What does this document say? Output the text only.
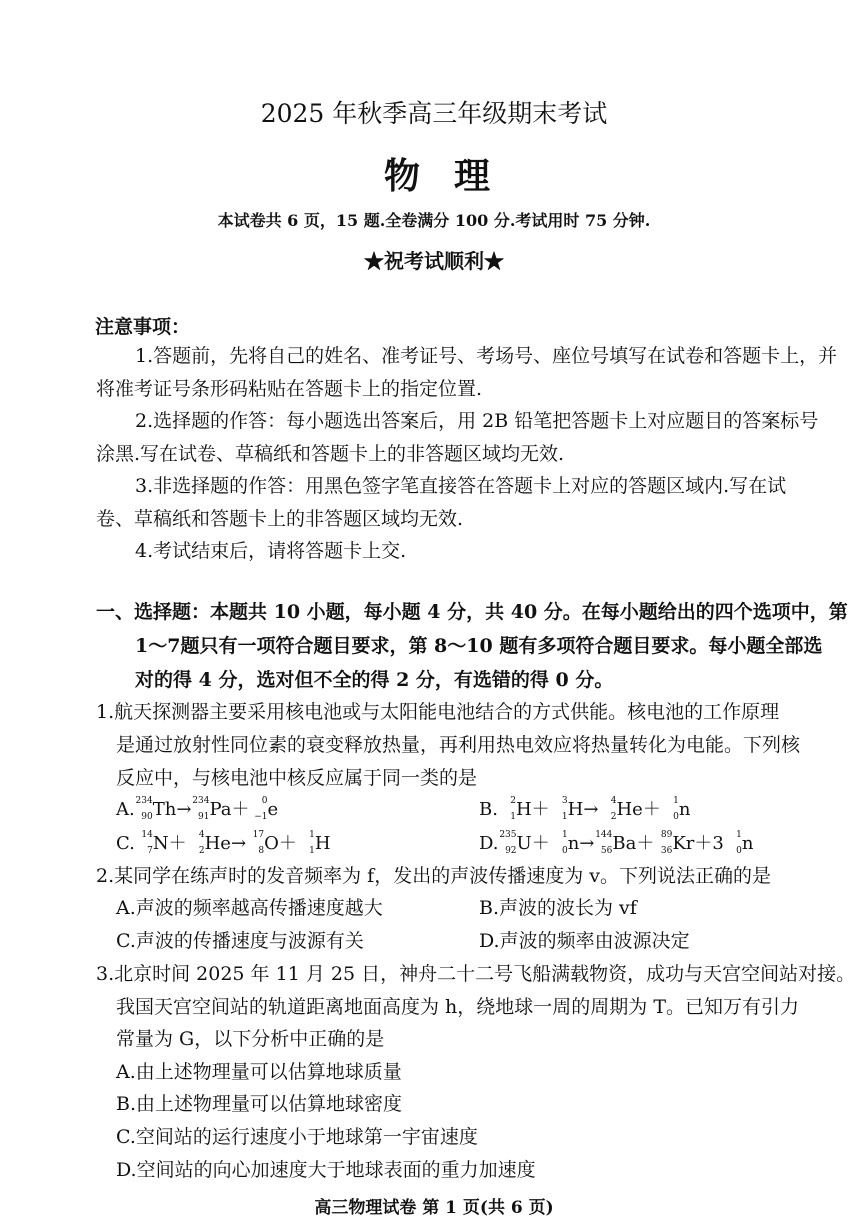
2025 年秋季高三年级期末考试
物理
本试卷共 6 页，15 题.全卷满分 100 分.考试用时 75 分钟.
★祝考试顺利★
注意事项：
1.答题前，先将自己的姓名、准考证号、考场号、座位号填写在试卷和答题卡上，并
将准考证号条形码粘贴在答题卡上的指定位置.
2.选择题的作答：每小题选出答案后，用 2B 铅笔把答题卡上对应题目的答案标号
涂黑.写在试卷、草稿纸和答题卡上的非答题区域均无效.
3.非选择题的作答：用黑色签字笔直接答在答题卡上对应的答题区域内.写在试
卷、草稿纸和答题卡上的非答题区域均无效.
4.考试结束后，请将答题卡上交.
一、选择题：本题共 10 小题，每小题 4 分，共 40 分。在每小题给出的四个选项中，第
1～7题只有一项符合题目要求，第 8～10 题有多项符合题目要求。每小题全部选
对的得 4 分，选对但不全的得 2 分，有选错的得 0 分。
1.航天探测器主要采用核电池或与太阳能电池结合的方式供能。核电池的工作原理
是通过放射性同位素的衰变释放热量，再利用热电效应将热量转化为电能。下列核
反应中，与核电池中核反应属于同一类的是
A. 234
90 Th→ 234
91 Pa＋ 0
−1 e	B. 2
1 H＋ 3
1 H→ 4
2 He＋ 1
0 n
C. 14
7 N＋ 4
2 He→ 17
8 O＋ 1
1 H	D. 235
92 U＋ 1
0 n→ 144
56 Ba＋ 89
36 Kr＋3 1
0 n
2.某同学在练声时的发音频率为 f，发出的声波传播速度为 v。下列说法正确的是
A.声波的频率越高传播速度越大	B.声波的波长为 vf
C.声波的传播速度与波源有关	D.声波的频率由波源决定
3.北京时间 2025 年 11 月 25 日，神舟二十二号飞船满载物资，成功与天宫空间站对接。
我国天宫空间站的轨道距离地面高度为 h，绕地球一周的周期为 T。已知万有引力
常量为 G，以下分析中正确的是
A.由上述物理量可以估算地球质量
B.由上述物理量可以估算地球密度
C.空间站的运行速度小于地球第一宇宙速度
D.空间站的向心加速度大于地球表面的重力加速度
高三物理试卷 第 1 页(共 6 页)
